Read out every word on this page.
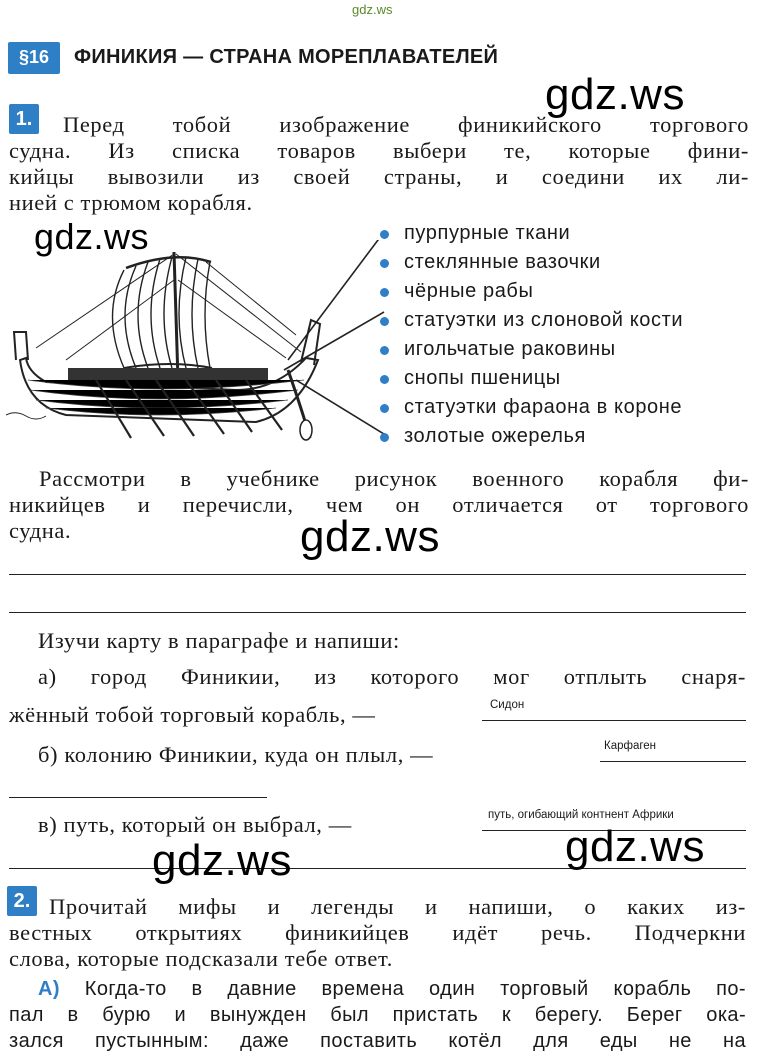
gdz.ws
§16	ФИНИКИЯ — СТРАНА МОРЕПЛАВАТЕЛЕЙ
gdz.ws
1.	Перед тобой изображение финикийского торгового
судна. Из списка товаров выбери те, которые фини-
кийцы вывозили из своей страны, и соедини их ли-
нией с трюмом корабля.
gdz.ws	пурпурные ткани
стеклянные вазочки
чёрные рабы
статуэтки из слоновой кости
игольчатые раковины
снопы пшеницы
статуэтки фараона в короне
золотые ожерелья
Рассмотри в учебнике рисунок военного корабля фи-
никийцев и перечисли, чем он отличается от торгового
судна.	gdz.ws
Изучи карту в параграфе и напиши:
а) город Финикии, из которого мог отплыть снаря-
жённый тобой торговый корабль, —	Сидон
б) колонию Финикии, куда он плыл, —	Карфаген
в) путь, который он выбрал, —	путь, огибающий контнент Африки
gdz.ws	gdz.ws
2. Прочитай мифы и легенды и напиши, о каких из-
вестных открытиях финикийцев идёт речь. Подчеркни
слова, которые подсказали тебе ответ.
А) Когда-то в давние времена один торговый корабль по-
пал в бурю и вынужден был пристать к берегу. Берег ока-
зался пустынным: даже поставить котёл для еды не на
